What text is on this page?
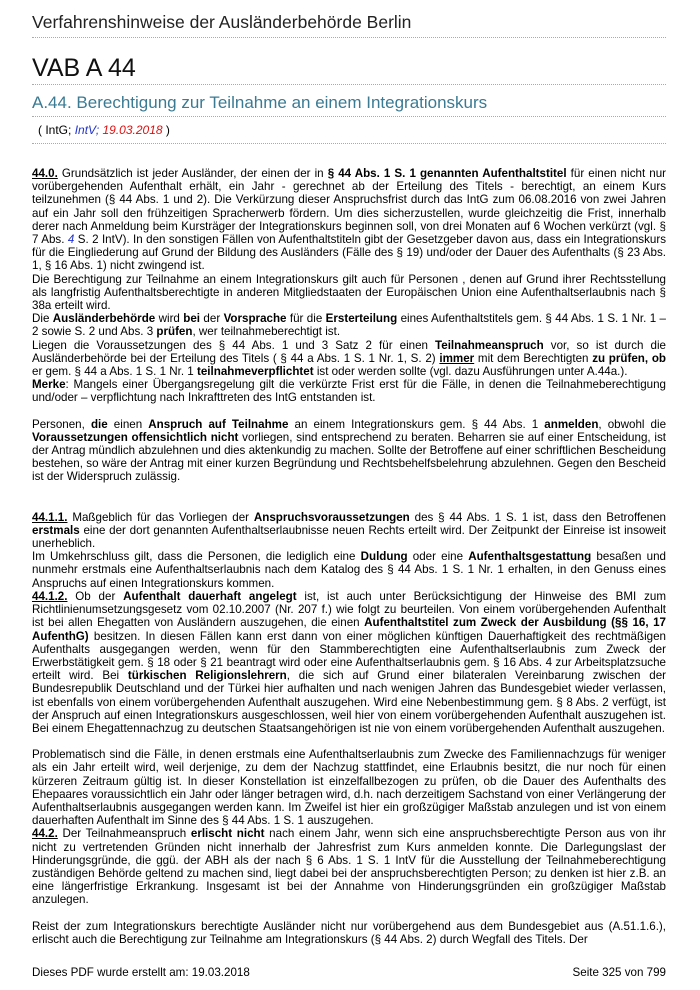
Verfahrenshinweise der Ausländerbehörde Berlin
VAB A 44
A.44. Berechtigung zur Teilnahme an einem Integrationskurs
( IntG; IntV; 19.03.2018 )

44.0. Grundsätzlich ist jeder Ausländer, der einen der in § 44 Abs. 1 S. 1 genannten Aufenthaltstitel für einen nicht nur vorübergehenden Aufenthalt erhält, ein Jahr - gerechnet ab der Erteilung des Titels - berechtigt, an einem Kurs teilzunehmen (§ 44 Abs. 1 und 2). Die Verkürzung dieser Anspruchsfrist durch das IntG zum 06.08.2016 von zwei Jahren auf ein Jahr soll den frühzeitigen Spracherwerb fördern. Um dies sicherzustellen, wurde gleichzeitig die Frist, innerhalb derer nach Anmeldung beim Kursträger der Integrationskurs beginnen soll, von drei Monaten auf 6 Wochen verkürzt (vgl. § 7 Abs. 4 S. 2 IntV). In den sonstigen Fällen von Aufenthaltstiteln gibt der Gesetzgeber davon aus, dass ein Integrationskurs für die Eingliederung auf Grund der Bildung des Ausländers (Fälle des § 19) und/oder der Dauer des Aufenthalts (§ 23 Abs. 1, § 16 Abs. 1) nicht zwingend ist.

Die Berechtigung zur Teilnahme an einem Integrationskurs gilt auch für Personen , denen auf Grund ihrer Rechtsstellung als langfristig Aufenthaltsberechtigte in anderen Mitgliedstaaten der Europäischen Union eine Aufenthaltserlaubnis nach § 38a erteilt wird.

Die Ausländerbehörde wird bei der Vorsprache für die Ersterteilung eines Aufenthaltstitels gem. § 44 Abs. 1 S. 1 Nr. 1 – 2 sowie S. 2 und Abs. 3 prüfen, wer teilnahmeberechtigt ist.

Liegen die Voraussetzungen des § 44 Abs. 1 und 3 Satz 2 für einen Teilnahmeanspruch vor, so ist durch die Ausländerbehörde bei der Erteilung des Titels ( § 44 a Abs. 1 S. 1 Nr. 1, S. 2) immer mit dem Berechtigten zu prüfen, ob er gem. § 44 a Abs. 1 S. 1 Nr. 1 teilnahmeverpflichtet ist oder werden sollte (vgl. dazu Ausführungen unter A.44a.).

Merke: Mangels einer Übergangsregelung gilt die verkürzte Frist erst für die Fälle, in denen die Teilnahmeberechtigung und/oder – verpflichtung nach Inkrafttreten des IntG entstanden ist.

Personen, die einen Anspruch auf Teilnahme an einem Integrationskurs gem. § 44 Abs. 1 anmelden, obwohl die Voraussetzungen offensichtlich nicht vorliegen, sind entsprechend zu beraten. Beharren sie auf einer Entscheidung, ist der Antrag mündlich abzulehnen und dies aktenkundig zu machen. Sollte der Betroffene auf einer schriftlichen Bescheidung bestehen, so wäre der Antrag mit einer kurzen Begründung und Rechtsbehelfsbelehrung abzulehnen. Gegen den Bescheid ist der Widerspruch zulässig.

44.1.1. Maßgeblich für das Vorliegen der Anspruchsvoraussetzungen des § 44 Abs. 1 S. 1 ist, dass den Betroffenen erstmals eine der dort genannten Aufenthaltserlaubnisse neuen Rechts erteilt wird. Der Zeitpunkt der Einreise ist insoweit unerheblich.

Im Umkehrschluss gilt, dass die Personen, die lediglich eine Duldung oder eine Aufenthaltsgestattung besaßen und nunmehr erstmals eine Aufenthaltserlaubnis nach dem Katalog des § 44 Abs. 1 S. 1 Nr. 1 erhalten, in den Genuss eines Anspruchs auf einen Integrationskurs kommen.

44.1.2. Ob der Aufenthalt dauerhaft angelegt ist, ist auch unter Berücksichtigung der Hinweise des BMI zum Richtlinienumsetzungsgesetz vom 02.10.2007 (Nr. 207 f.) wie folgt zu beurteilen. Von einem vorübergehenden Aufenthalt ist bei allen Ehegatten von Ausländern auszugehen, die einen Aufenthaltstitel zum Zweck der Ausbildung (§§ 16, 17 AufenthG) besitzen. In diesen Fällen kann erst dann von einer möglichen künftigen Dauerhaftigkeit des rechtmäßigen Aufenthalts ausgegangen werden, wenn für den Stammberechtigten eine Aufenthaltserlaubnis zum Zweck der Erwerbstätigkeit gem. § 18 oder § 21 beantragt wird oder eine Aufenthaltserlaubnis gem. § 16 Abs. 4 zur Arbeitsplatzsuche erteilt wird. Bei türkischen Religionslehrern, die sich auf Grund einer bilateralen Vereinbarung zwischen der Bundesrepublik Deutschland und der Türkei hier aufhalten und nach wenigen Jahren das Bundesgebiet wieder verlassen, ist ebenfalls von einem vorübergehenden Aufenthalt auszugehen. Wird eine Nebenbestimmung gem. § 8 Abs. 2 verfügt, ist der Anspruch auf einen Integrationskurs ausgeschlossen, weil hier von einem vorübergehenden Aufenthalt auszugehen ist. Bei einem Ehegattennachzug zu deutschen Staatsangehörigen ist nie von einem vorübergehenden Aufenthalt auszugehen.

Problematisch sind die Fälle, in denen erstmals eine Aufenthaltserlaubnis zum Zwecke des Familiennachzugs für weniger als ein Jahr erteilt wird, weil derjenige, zu dem der Nachzug stattfindet, eine Erlaubnis besitzt, die nur noch für einen kürzeren Zeitraum gültig ist. In dieser Konstellation ist einzelfallbezogen zu prüfen, ob die Dauer des Aufenthalts des Ehepaares voraussichtlich ein Jahr oder länger betragen wird, d.h. nach derzeitigem Sachstand von einer Verlängerung der Aufenthaltserlaubnis ausgegangen werden kann. Im Zweifel ist hier ein großzügiger Maßstab anzulegen und ist von einem dauerhaften Aufenthalt im Sinne des § 44 Abs. 1 S. 1 auszugehen.

44.2. Der Teilnahmeanspruch erlischt nicht nach einem Jahr, wenn sich eine anspruchsberechtigte Person aus von ihr nicht zu vertretenden Gründen nicht innerhalb der Jahresfrist zum Kurs anmelden konnte. Die Darlegungslast der Hinderungsgründe, die ggü. der ABH als der nach § 6 Abs. 1 S. 1 IntV für die Ausstellung der Teilnahmeberechtigung zuständigen Behörde geltend zu machen sind, liegt dabei bei der anspruchsberechtigten Person; zu denken ist hier z.B. an eine längerfristige Erkrankung. Insgesamt ist bei der Annahme von Hinderungsgründen ein großzügiger Maßstab anzulegen.

Reist der zum Integrationskurs berechtigte Ausländer nicht nur vorübergehend aus dem Bundesgebiet aus (A.51.1.6.), erlischt auch die Berechtigung zur Teilnahme am Integrationskurs (§ 44 Abs. 2) durch Wegfall des Titels. Der

Dieses PDF wurde erstellt am: 19.03.2018	Seite 325 von 799
